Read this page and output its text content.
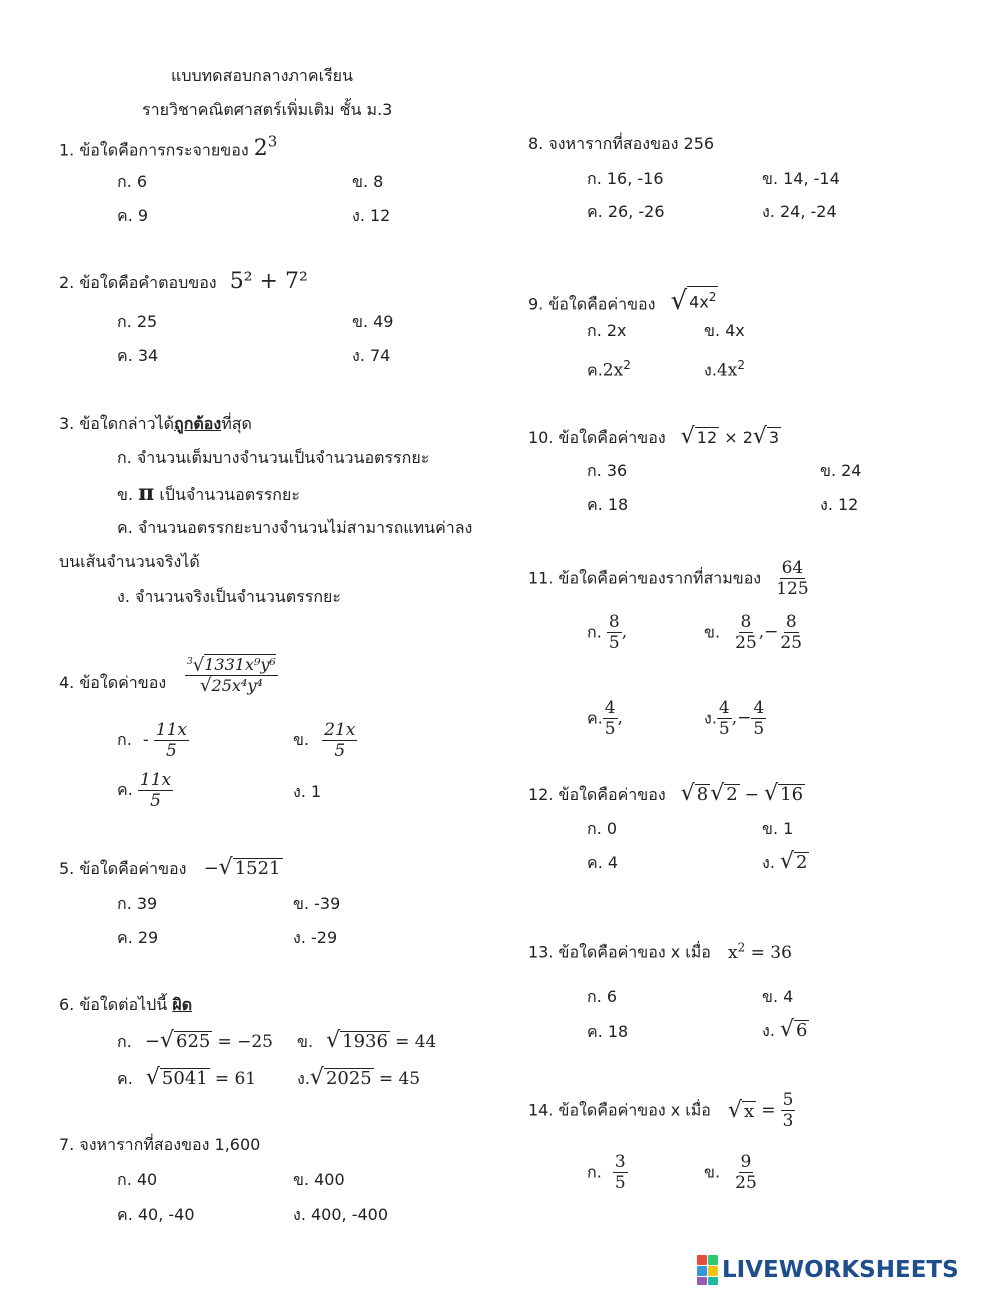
แบบทดสอบกลางภาคเรียน
รายวิชาคณิตศาสตร์เพิ่มเติม ชั้น ม.3
1. ข้อใดคือการกระจายของ $2^3$
ก. 6	ข. 8
ค. 9	ง. 12
2. ข้อใดคือคำตอบของ 5² + 7²
ก. 25	ข. 49
ค. 34	ง. 74
3. ข้อใดกล่าวได้ถูกต้องที่สุด
ก. จำนวนเต็มบางจำนวนเป็นจำนวนอตรรกยะ
ข. π เป็นจำนวนอตรรกยะ
ค. จำนวนอตรรกยะบางจำนวนไม่สามารถแทนค่าลง
บนเส้นจำนวนจริงได้
ง. จำนวนจริงเป็นจำนวนตรรกยะ
4. ข้อใดค่าของ $\frac{^3√1331x^9y^6}{\text{√25x⁴y⁴}}$
ก. - $\frac{11x}{5}$	ข. $\frac{21x}{5}$
ค. $\frac{11x}{5}$	ง. 1
5. ข้อใดคือค่าของ − √ 1521
ก. 39	ข. -39
ค. 29	ง. -29
6. ข้อใดต่อไปนี้ ผิด
ก. − √ 625 = −25 ข. √ 1936 = 44
ค. √ 5041 = 61	ง. √ 2025 = 45
7. จงหารากที่สองของ 1,600
ก. 40	ข. 400
ค. 40, -40	ง. 400, -400
8. จงหารากที่สองของ 256
ก. 16, -16	ข. 14, -14
ค. 26, -26	ง. 24, -24
9. ข้อใดคือค่าของ √ $4x^2$
ก. 2x	ข. 4x
ค$.2x^2$	ง$.4x^2$
10. ข้อใดคือค่าของ √ 12 × 2 √ 3
ก. 36	ข. 24
ค. 18	ง. 12
11. ข้อใดคือค่าของรากที่สามของ $\frac{64}{125}$
ก. $\frac{8}{5}$ ,	ข. $\frac{8}{25}$ ,− $\frac{8}{25}$
ค. $\frac{4}{5}$ ,	ง. $\frac{4}{5}$ ,− $\frac{4}{5}$
12. ข้อใดคือค่าของ √ 8 √ 2 − √ 16
ก. 0	ข. 1
ค. 4	ง. √ 2
13. ข้อใดคือค่าของ x เมื่อ $x^2 = 36$
ก. 6	ข. 4
ค. 18	ง. √ 6
14. ข้อใดคือค่าของ x เมื่อ √ $x = \frac{5}{3}$
ก. $\frac{3}{5}$	ข. $\frac{9}{25}$
LIVEWORKSHEETS
